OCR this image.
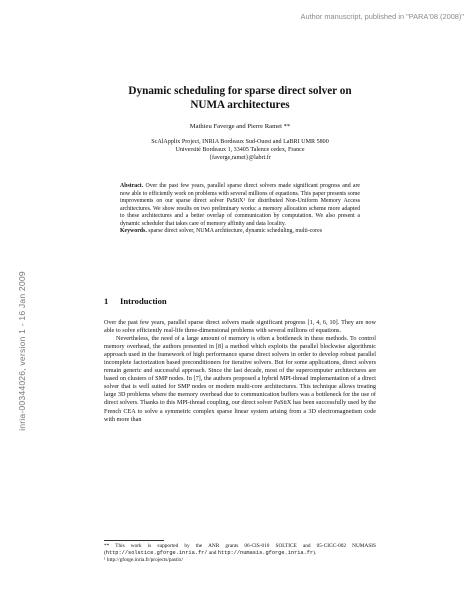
Author manuscript, published in "PARA'08 (2008)"
inria-00344026, version 1 - 16 Jan 2009
Dynamic scheduling for sparse direct solver on
NUMA architectures
Mathieu Faverge and Pierre Ramet **
ScAlApplix Project, INRIA Bordeaux Sud-Ouest and LaBRI UMR 5800
Université Bordeaux 1, 33405 Talence cedex, France
{faverge,ramet}@labri.fr

Abstract. Over the past few years, parallel sparse direct solvers made significant progress and are now able to efficiently work on problems with several millions of equations. This paper presents some improvements on our sparse direct solver PaStiX¹ for distributed Non-Uniform Memory Access architectures. We show results on two preliminary works: a memory allocation scheme more adapted to these architectures and a better overlap of communication by computation. We also present a dynamic scheduler that takes care of memory affinity and data locality.

Keywords. sparse direct solver, NUMA architecture, dynamic scheduling, multi-cores

1 Introduction

Over the past few years, parallel sparse direct solvers made significant progress [1, 4, 6, 10]. They are now able to solve efficiently real-life three-dimensional problems with several millions of equations.

Nevertheless, the need of a large amount of memory is often a bottleneck in these methods. To control memory overhead, the authors presented in [8] a method which exploits the parallel blockwise algorithmic approach used in the framework of high performance sparse direct solvers in order to develop robust parallel incomplete factorization based preconditioners for iterative solvers. But for some applications, direct solvers remain generic and successful approach. Since the last decade, most of the supercomputer architectures are based on clusters of SMP nodes. In [7], the authors proposed a hybrid MPI-thread implementation of a direct solver that is well suited for SMP nodes or modern multi-core architectures. This technique allows treating large 3D problems where the memory overhead due to communication buffers was a bottleneck for the use of direct solvers. Thanks to this MPI-thread coupling, our direct solver PaStiX has been successfully used by the French CEA to solve a symmetric complex sparse linear system arising from a 3D electromagnetism code with more than

** This work is supported by the ANR grants 06-CIS-010 SOLTICE and 05-CIGC-002 NUMASIS (http://solstice.gforge.inria.fr/ and http://numasis.gforge.inria.fr).

¹ http://gforge.inria.fr/projects/pastix/
